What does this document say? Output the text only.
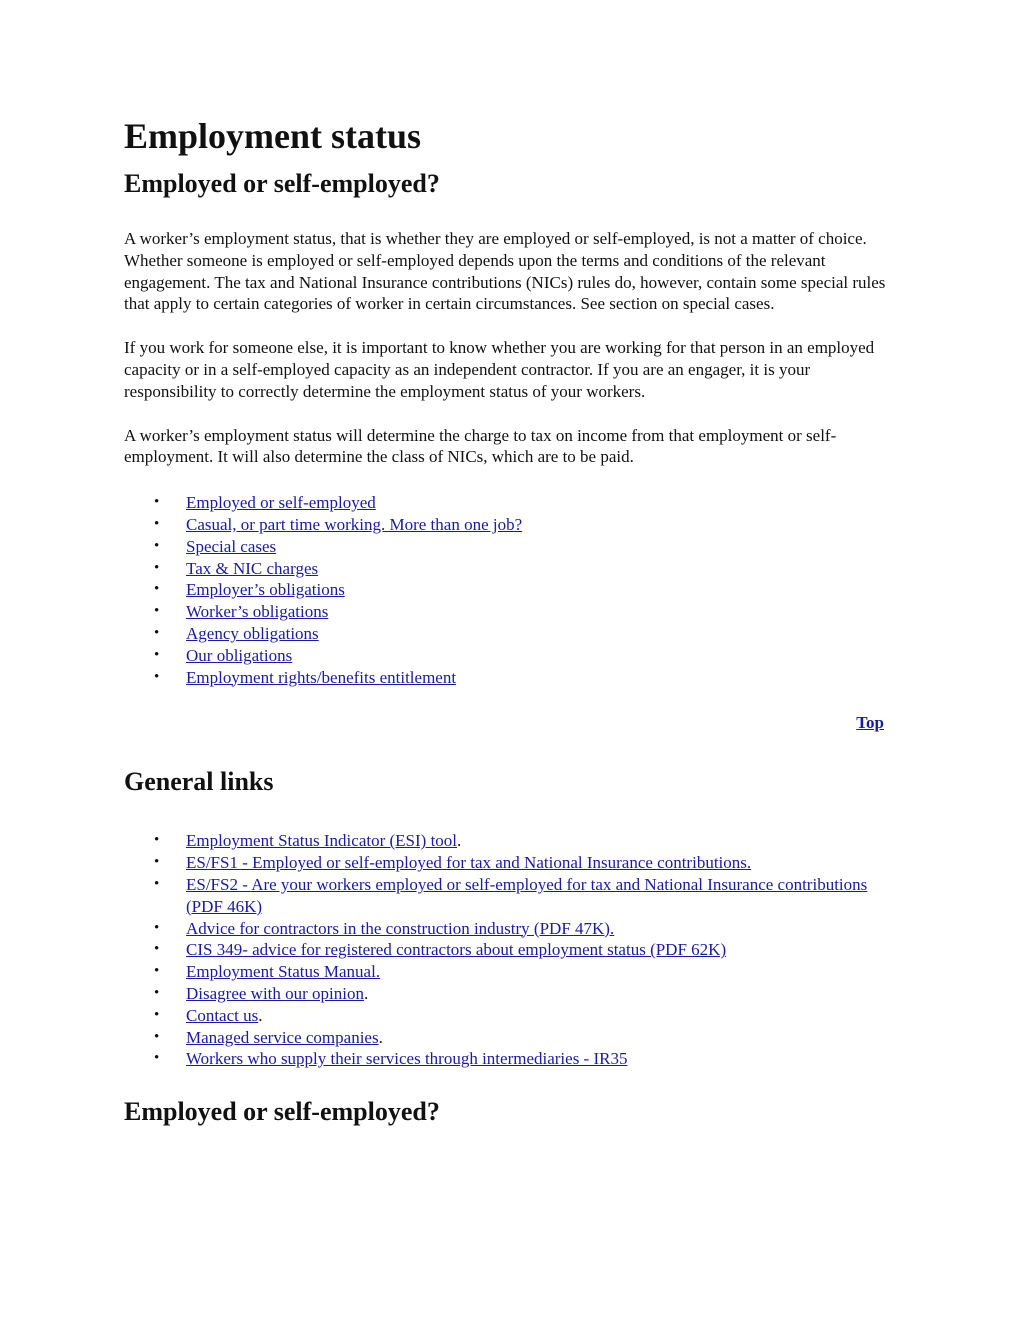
Employment status
Employed or self-employed?

A worker’s employment status, that is whether they are employed or self-employed, is not a matter of choice. Whether someone is employed or self-employed depends upon the terms and conditions of the relevant engagement. The tax and National Insurance contributions (NICs) rules do, however, contain some special rules that apply to certain categories of worker in certain circumstances. See section on special cases.

If you work for someone else, it is important to know whether you are working for that person in an employed capacity or in a self-employed capacity as an independent contractor. If you are an engager, it is your responsibility to correctly determine the employment status of your workers.

A worker’s employment status will determine the charge to tax on income from that employment or self-employment. It will also determine the class of NICs, which are to be paid.

• Employed or self-employed
• Casual, or part time working. More than one job?
• Special cases
• Tax & NIC charges
• Employer’s obligations
• Worker’s obligations
• Agency obligations
• Our obligations
• Employment rights/benefits entitlement
Top
General links
• Employment Status Indicator (ESI) tool.
• ES/FS1 - Employed or self-employed for tax and National Insurance contributions.
• ES/FS2 - Are your workers employed or self-employed for tax and National Insurance contributions (PDF 46K)
• Advice for contractors in the construction industry (PDF 47K).
• CIS 349- advice for registered contractors about employment status (PDF 62K)
• Employment Status Manual.
• Disagree with our opinion.
• Contact us.
• Managed service companies.
• Workers who supply their services through intermediaries - IR35
Employed or self-employed?
